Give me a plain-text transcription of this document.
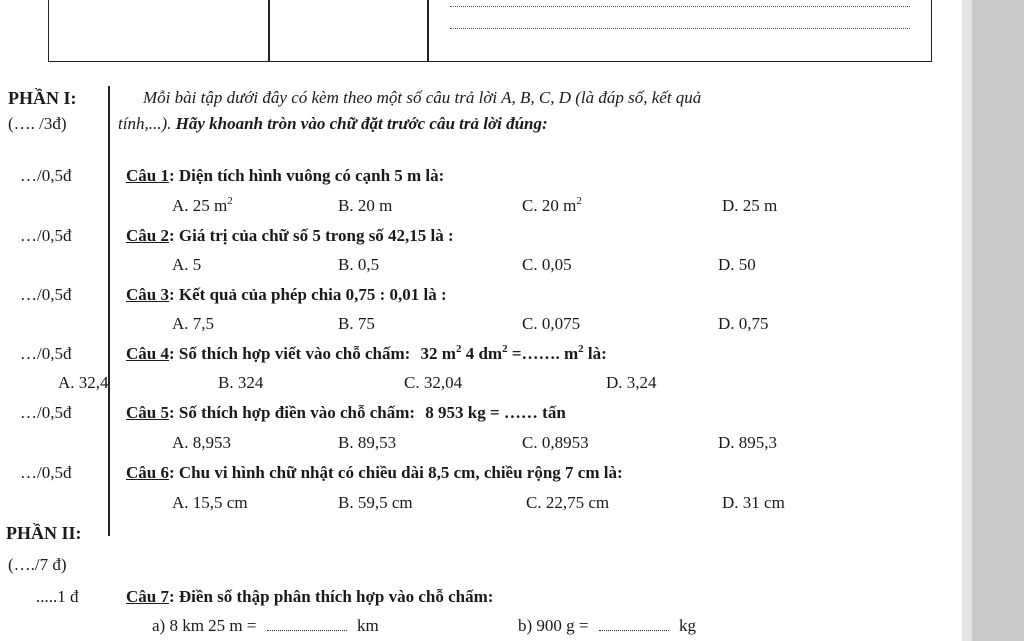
PHẦN I:
(…. /3đ)
Mỗi bài tập dưới đây có kèm theo một số câu trả lời A, B, C, D (là đáp số, kết quả
tính,...). Hãy khoanh tròn vào chữ đặt trước câu trả lời đúng:
…/0,5đ	Câu 1: Diện tích hình vuông có cạnh 5 m là:
A. 25 $m^2$	B. 20 m	C. 20 $m^2$	D. 25 m
…/0,5đ	Câu 2: Giá trị của chữ số 5 trong số 42,15 là :
A. 5	B. 0,5	C. 0,05	D. 50
…/0,5đ	Câu 3: Kết quả của phép chia 0,75 : 0,01 là :
A. 7,5	B. 75	C. 0,075	D. 0,75
…/0,5đ	Câu 4: Số thích hợp viết vào chỗ chấm: 32 $m^2$ 4 $dm^2$ =……. $m^2$ là:
A. 32,4	B. 324	C. 32,04	D. 3,24
…/0,5đ	Câu 5: Số thích hợp điền vào chỗ chấm: 8 953 kg = …… tấn
A. 8,953	B. 89,53	C. 0,8953	D. 895,3
…/0,5đ	Câu 6: Chu vi hình chữ nhật có chiều dài 8,5 cm, chiều rộng 7 cm là:
A. 15,5 cm	B. 59,5 cm	C. 22,75 cm	D. 31 cm
PHẦN II:
(…./7 đ)
.....1 đ	Câu 7: Điền số thập phân thích hợp vào chỗ chấm:
a) 8 km 25 m =	km	b) 900 g =	kg
